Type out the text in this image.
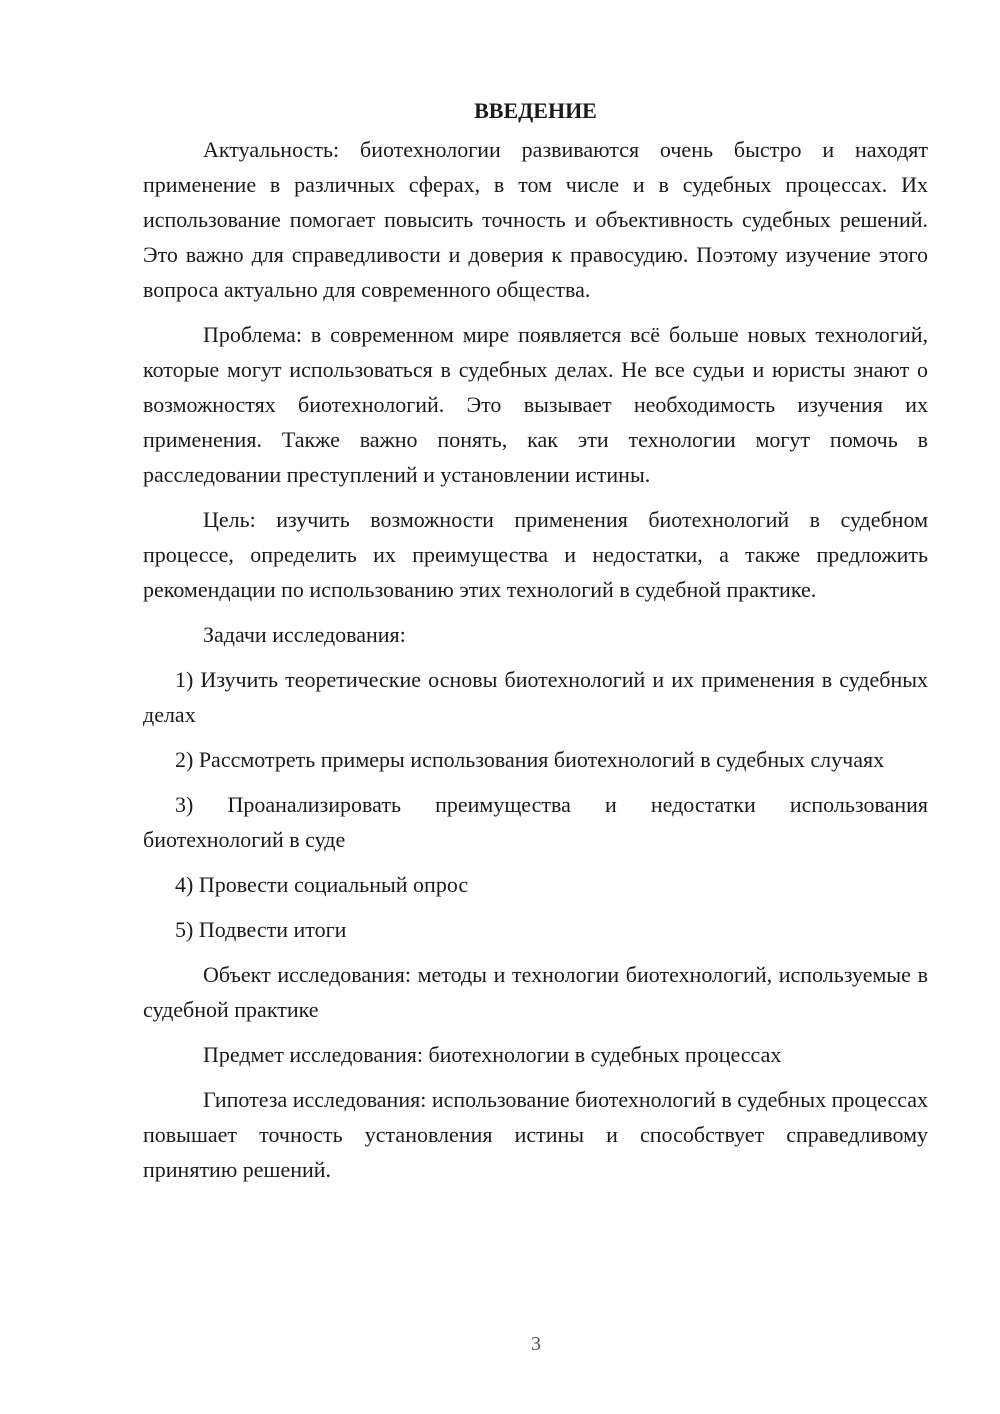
ВВЕДЕНИЕ

Актуальность: биотехнологии развиваются очень быстро и находят применение в различных сферах, в том числе и в судебных процессах. Их использование помогает повысить точность и объективность судебных решений. Это важно для справедливости и доверия к правосудию. Поэтому изучение этого вопроса актуально для современного общества.

Проблема: в современном мире появляется всё больше новых технологий, которые могут использоваться в судебных делах. Не все судьи и юристы знают о возможностях биотехнологий. Это вызывает необходимость изучения их применения. Также важно понять, как эти технологии могут помочь в расследовании преступлений и установлении истины.

Цель: изучить возможности применения биотехнологий в судебном процессе, определить их преимущества и недостатки, а также предложить рекомендации по использованию этих технологий в судебной практике.

Задачи исследования:

1) Изучить теоретические основы биотехнологий и их применения в судебных делах

2) Рассмотреть примеры использования биотехнологий в судебных случаях

3) Проанализировать преимущества и недостатки использования биотехнологий в суде

4) Провести социальный опрос

5) Подвести итоги

Объект исследования: методы и технологии биотехнологий, используемые в судебной практике

Предмет исследования: биотехнологии в судебных процессах

Гипотеза исследования: использование биотехнологий в судебных процессах повышает точность установления истины и способствует справедливому принятию решений.

3
